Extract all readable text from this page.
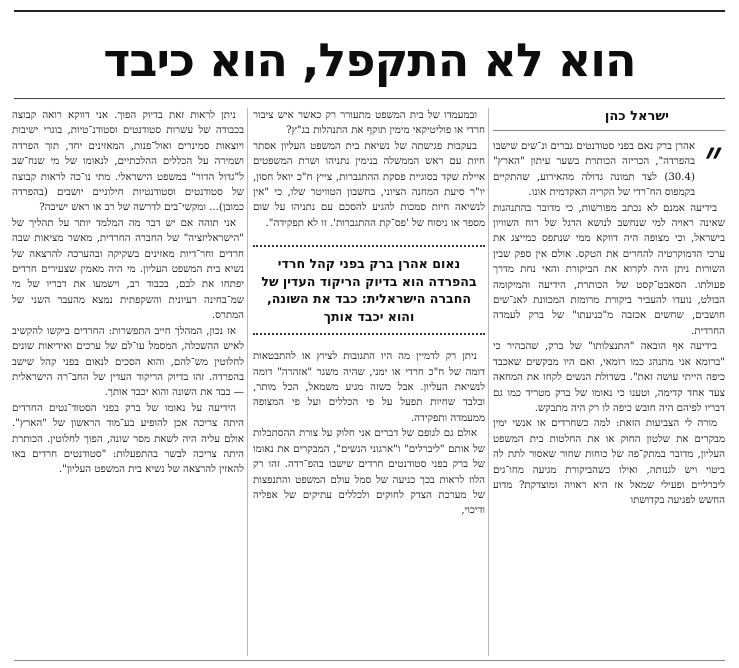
הוא לא התקפל, הוא כיבד
ישראל כהן
״

אהרן ברק נאם בפני סטודנטים גברים ונ־שים שישבו בהפרדה", הכריזה הכותרת בשער עיתון "הארץ" (30.4) לצד תמונה גדולה מהאירוע, שהתקיים בקמפוס הח־רדי של הקריה האקדמית אונו.

בידיעה אמנם לא נכתב מפורשות, כי מדובר בהתנהגות שאינה ראויה למי שנחשב לנושא הדגל של רוח השוויון בישראל, וכי מצופה היה דווקא ממי שנתפס כמייצג את ערכי הדמוקרטיה להחרים את הטקס. אולם אין ספק שבין השורות ניתן היה לקרוא את הביקורת והאי נחת מדרך פעולתו. הסאבט־קסט של הכותרת, הידיעה והמיקומה הבולט, נועדו להעביר ביקורת מרומזת המכוונת לאנ־שים חושבים, שחשים אכזבה מ"כניעתו" של ברק לעמדה החרדית.

בידיעה אף הובאה "התנצלותו" של ברק, שהבהיר כי "ברומא אני מתנהג כמו רומאי, ואם היו מבקשים שאכבד כיפה הייתי עושה זאת". בשדולת הנשים לקחו את המחאה צעד אחד קדימה, וטענו כי נאומו של ברק מטריד כמו גם דבריו לפיהם היה חובש כיפה לו רק היה מתבקש.

מורה לי הצביעות הזאת: למה כשחרדים או אנשי ימין מבקרים את שלטון החוק או את החלטות בית המשפט העליון, מדובר במתק־פה של כוחות שחור שאסור לתת לה ביטוי ויש לגנותה, ואילו כשהביקורת מגיעה מחו־גים ליברליים ופעילי שמאל אז היא ראויה ומוצדקת? מדוע החשש לפגיעה בקדושתו

ובמעמדו של בית המשפט מתעורר רק כאשר איש ציבור חרדי או פוליטיקאי מימין תוקף את התנהלות בג"ץ?

בעקבות פגישתה של נשיאת בית המשפט העליון אסתר חיות עם ראש הממשלה בנימין נתניהו ושרת המשפטים איילת שקד בסוגיית פסקת ההתגברות, צייץ ח"כ יואל חסון, יו"ר סיעת המחנה הציוני, בחשבון הטוויטר שלו, כי "אין לנשיאה חיות סמכות להגיע להסכם עם נתניהו על שום מספר או ניסוח של 'פס־קת ההתגברות'. זו לא תפקידה".

נאום אהרן ברק בפני קהל חרדי בהפרדה הוא בדיוק הריקוד העדין של החברה הישראלית: כבד את השונה, והוא יכבד אותך

ניתן רק לדמיין מה היו התגובות לציוץ או להתבטאות דומה של ח"כ חרדי או ימני, שהיה משגר "אזהרה" דומה לנשיאת העליון. אבל כשזה מגיע משמאל, הכל מותר, ובלבד שחיות תפעל על פי הכללים ועל פי המצופה ממעמדה ותפקידה.

אולם גם לגופם של דברים אני חלוק על צורת ההסתכלות של אותם "ליברלים" ו"ארגוני הנשים", המבקרים את נאומו של ברק בפני סטודנטים חרדים שישבו בהפ־רדה. זהו רק הלוז לראות בכך כניעה של סמל עולם המשפט והתנפצות של מערכת הצדק לחוקים ולכללים עתיקים של אפליה ודיכוי,

ניתן לראות זאת בדיוק הפוך. אני דווקא רואה קבוצה בכבודה של עשרות סטודנטים וסטודנ־טיות, בוגרי ישיבות ויוצאות סמינרים ואול־פנות, המאזינים יחד, תוך הפרדה ושמירה על הכללים ההלכתיים, לנאומו של מי שנח־שב ל"גדול הדור" במשפט הישראלי. מתי נו־כה לראות קבוצה של סטודנטים וסטודנטיות חילוניים יושבים (בהפרדה כמובן)... ומקשי־בים לדרשה של רב או ראש ישיבה?

אני תוהה אם יש דבר מה המלמד יותר על תהליך של "הישראליזציה" של החברה החרדית, מאשר מציאות שבה חרדים וחר־דיות מאזינים בשקיקה ובהערכה להרצאה של נשיא בית המשפט העליון. מי היה מאמין שצעירים חרדים יפתחו את לבם, בכבוד רב, וישמעו את דבריו של מי שמ־בחינה רעיונית והשקפתית נמצא מהעבר השני של המתרס.

אז נכון, המהלך חייב התפשרות: החרדים ביקשו להקשיב לאיש ההשכלה, המסמל עו־לם של ערכים ואידיאות שונים לחלוטין מש־להם, והוא הסכים לנאום בפני קהל שישב בהפרדה. זהו בדיוק הריקוד העדין של החב־רה הישראלית — כבד את השונה והוא יכבד אותך.

הידיעה על נאומו של ברק בפני הסטוד־נטים החרדים היתה צריכה אכן להופיע בע־מוד הראשון של "הארץ". אולם עליה היה לשאת מסר שונה, הפוך לחלוטין. הכותרת היתה צריכה לבשר בהתפעלות: "סטודנטים חרדים באו להאזין להרצאה של נשיא בית המשפט העליון".
